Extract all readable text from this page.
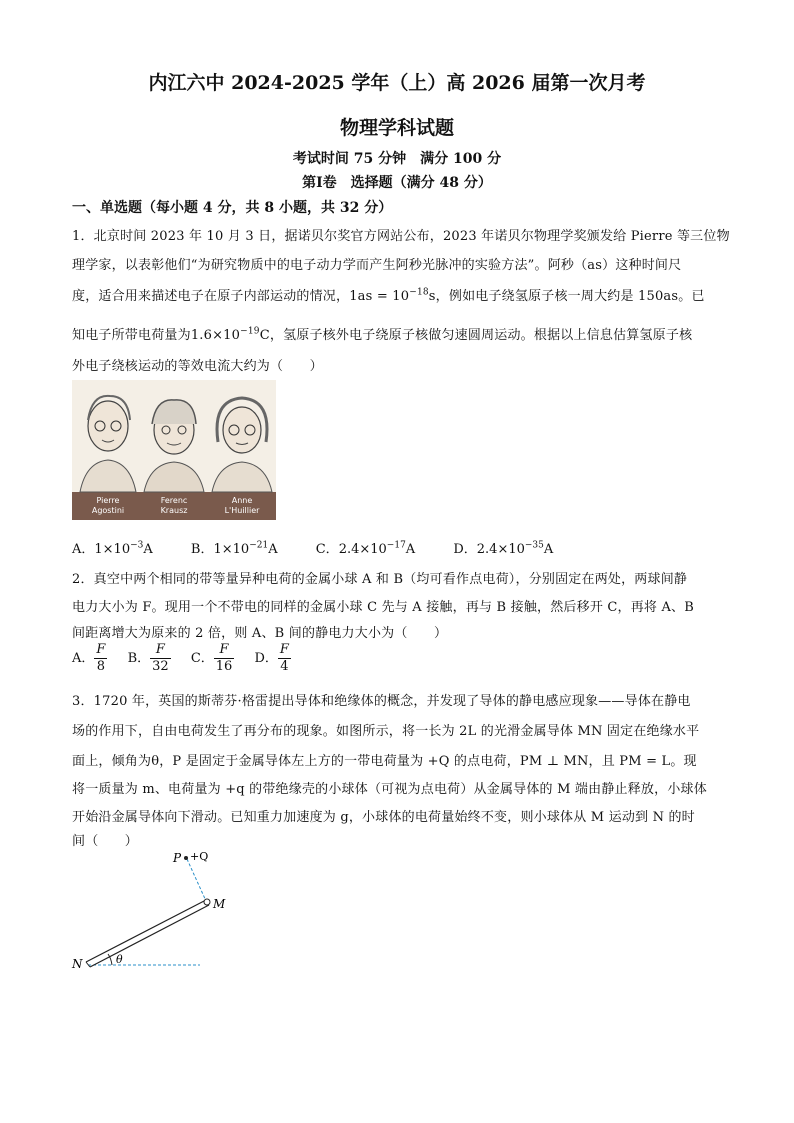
内江六中 2024-2025 学年（上）高 2026 届第一次月考
物理学科试题
考试时间 75 分钟　满分 100 分
第Ⅰ卷　选择题（满分 48 分）
一、单选题（每小题 4 分，共 8 小题，共 32 分）
1．北京时间 2023 年 10 月 3 日，据诺贝尔奖官方网站公布，2023 年诺贝尔物理学奖颁发给 Pierre 等三位物
理学家，以表彰他们“为研究物质中的电子动力学而产生阿秒光脉冲的实验方法”。阿秒（as）这种时间尺
度，适合用来描述电子在原子内部运动的情况，$1as = 10^{-18}s$，例如电子绕氢原子核一周大约是 150as。已
知电子所带电荷量为$1.6\times 10^{-19}C$，氢原子核外电子绕原子核做匀速圆周运动。根据以上信息估算氢原子核
外电子绕核运动的等效电流大约为（　　）
Pierre
Agostini
Ferenc
Krausz
Anne
L'Huillier
A．$1\times 10^{-3}A$	B．$1\times 10^{-21}A$	C．$2.4\times 10^{-17}A$	D．$2.4\times 10^{-35}A$
2．真空中两个相同的带等量异种电荷的金属小球 A 和 B（均可看作点电荷），分别固定在两处，两球间静
电力大小为 F。现用一个不带电的同样的金属小球 C 先与 A 接触，再与 B 接触，然后移开 C，再将 A、B
间距离增大为原来的 2 倍，则 A、B 间的静电力大小为（　　）
A． $\frac{F}{8}$ B． $\frac{F}{32}$ C． $\frac{F}{16}$ D． $\frac{F}{4}$
3．1720 年，英国的斯蒂芬·格雷提出导体和绝缘体的概念，并发现了导体的静电感应现象——导体在静电
场的作用下，自由电荷发生了再分布的现象。如图所示，将一长为 2L 的光滑金属导体 MN 固定在绝缘水平
面上，倾角为θ，P 是固定于金属导体左上方的一带电荷量为 +Q 的点电荷，PM ⊥ MN，且 PM = L。现
将一质量为 m、电荷量为 +q 的带绝缘壳的小球体（可视为点电荷）从金属导体的 M 端由静止释放，小球体
开始沿金属导体向下滑动。已知重力加速度为 g，小球体的电荷量始终不变，则小球体从 M 运动到 N 的时
间（　　）
P +Q
M
N	θ
